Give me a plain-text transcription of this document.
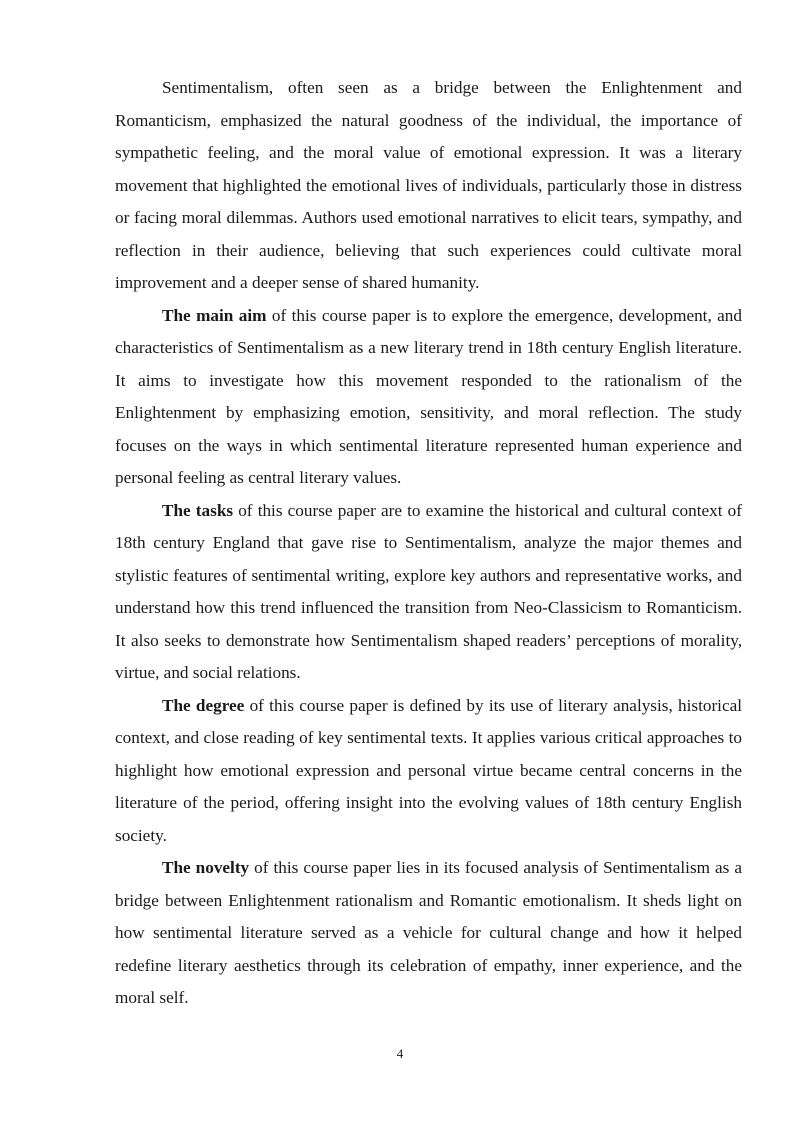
Sentimentalism, often seen as a bridge between the Enlightenment and Romanticism, emphasized the natural goodness of the individual, the importance of sympathetic feeling, and the moral value of emotional expression. It was a literary movement that highlighted the emotional lives of individuals, particularly those in distress or facing moral dilemmas. Authors used emotional narratives to elicit tears, sympathy, and reflection in their audience, believing that such experiences could cultivate moral improvement and a deeper sense of shared humanity.

The main aim of this course paper is to explore the emergence, development, and characteristics of Sentimentalism as a new literary trend in 18th century English literature. It aims to investigate how this movement responded to the rationalism of the Enlightenment by emphasizing emotion, sensitivity, and moral reflection. The study focuses on the ways in which sentimental literature represented human experience and personal feeling as central literary values.

The tasks of this course paper are to examine the historical and cultural context of 18th century England that gave rise to Sentimentalism, analyze the major themes and stylistic features of sentimental writing, explore key authors and representative works, and understand how this trend influenced the transition from Neo-Classicism to Romanticism. It also seeks to demonstrate how Sentimentalism shaped readers’ perceptions of morality, virtue, and social relations.

The degree of this course paper is defined by its use of literary analysis, historical context, and close reading of key sentimental texts. It applies various critical approaches to highlight how emotional expression and personal virtue became central concerns in the literature of the period, offering insight into the evolving values of 18th century English society.

The novelty of this course paper lies in its focused analysis of Sentimentalism as a bridge between Enlightenment rationalism and Romantic emotionalism. It sheds light on how sentimental literature served as a vehicle for cultural change and how it helped redefine literary aesthetics through its celebration of empathy, inner experience, and the moral self.

4
